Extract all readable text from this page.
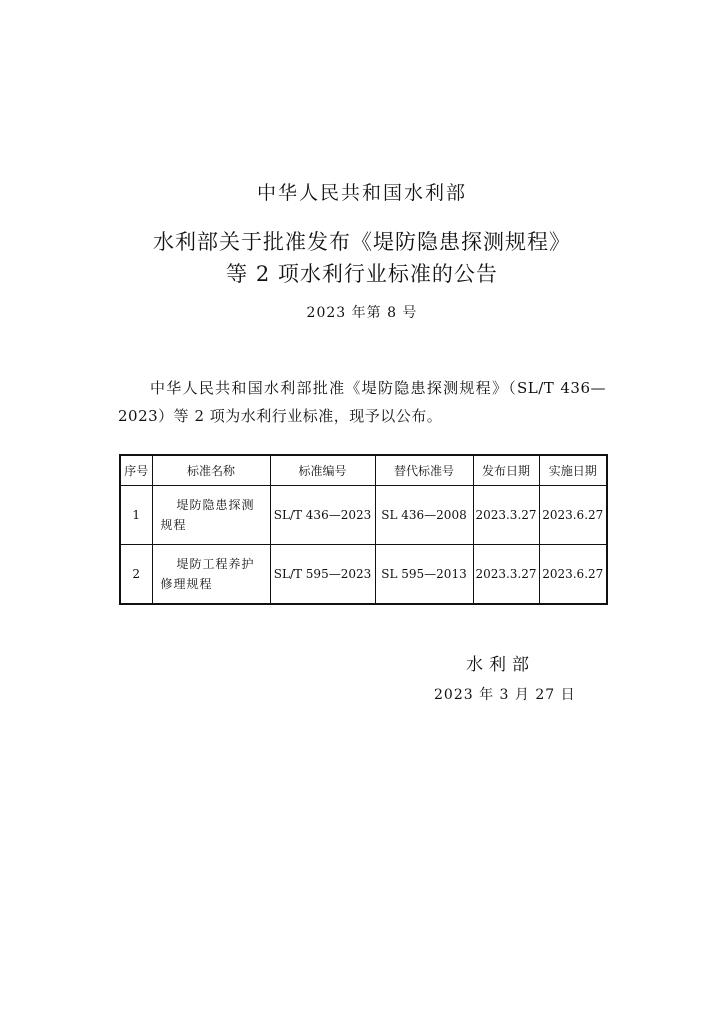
中华人民共和国水利部
水利部关于批准发布《堤防隐患探测规程》
等 2 项水利行业标准的公告
2023 年第 8 号
中华人民共和国水利部批准《堤防隐患探测规程》（SL/T 436—2023）等 2 项为水利行业标准，现予以公布。
序号	标准名称	标准编号	替代标准号	发布日期	实施日期
1	堤防隐患探测规程	SL/T 436—2023	SL 436—2008	2023.3.27	2023.6.27
2	堤防工程养护修理规程	SL/T 595—2023	SL 595—2013	2023.3.27	2023.6.27
水利部
2023 年 3 月 27 日
